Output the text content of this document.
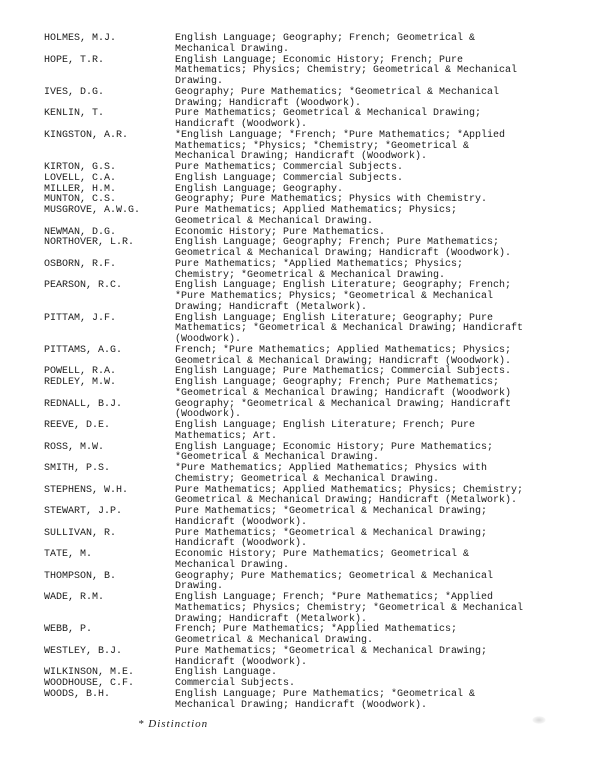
HOLMES, M.J.	English Language; Geography; French; Geometrical &
Mechanical Drawing.
HOPE, T.R.	English Language; Economic History; French; Pure
Mathematics; Physics; Chemistry; Geometrical & Mechanical
Drawing.
IVES, D.G.	Geography; Pure Mathematics; *Geometrical & Mechanical
Drawing; Handicraft (Woodwork).
KENLIN, T.	Pure Mathematics; Geometrical & Mechanical Drawing;
Handicraft (Woodwork).
KINGSTON, A.R.	*English Language; *French; *Pure Mathematics; *Applied
Mathematics; *Physics; *Chemistry; *Geometrical &
Mechanical Drawing; Handicraft (Woodwork).
KIRTON, G.S.	Pure Mathematics; Commercial Subjects.
LOVELL, C.A.	English Language; Commercial Subjects.
MILLER, H.M.	English Language; Geography.
MUNTON, C.S.	Geography; Pure Mathematics; Physics with Chemistry.
MUSGROVE, A.W.G.	Pure Mathematics; Applied Mathematics; Physics;
Geometrical & Mechanical Drawing.
NEWMAN, D.G.	Economic History; Pure Mathematics.
NORTHOVER, L.R.	English Language; Geography; French; Pure Mathematics;
Geometrical & Mechanical Drawing; Handicraft (Woodwork).
OSBORN, R.F.	Pure Mathematics; *Applied Mathematics; Physics;
Chemistry; *Geometrical & Mechanical Drawing.
PEARSON, R.C.	English Language; English Literature; Geography; French;
*Pure Mathematics; Physics; *Geometrical & Mechanical
Drawing; Handicraft (Metalwork).
PITTAM, J.F.	English Language; English Literature; Geography; Pure
Mathematics; *Geometrical & Mechanical Drawing; Handicraft
(Woodwork).
PITTAMS, A.G.	French; *Pure Mathematics; Applied Mathematics; Physics;
Geometrical & Mechanical Drawing; Handicraft (Woodwork).
POWELL, R.A.	English Language; Pure Mathematics; Commercial Subjects.
REDLEY, M.W.	English Language; Geography; French; Pure Mathematics;
*Geometrical & Mechanical Drawing; Handicraft (Woodwork)
REDNALL, B.J.	Geography; *Geometrical & Mechanical Drawing; Handicraft
(Woodwork).
REEVE, D.E.	English Language; English Literature; French; Pure
Mathematics; Art.
ROSS, M.W.	English Language; Economic History; Pure Mathematics;
*Geometrical & Mechanical Drawing.
SMITH, P.S.	*Pure Mathematics; Applied Mathematics; Physics with
Chemistry; Geometrical & Mechanical Drawing.
STEPHENS, W.H.	Pure Mathematics; Applied Mathematics; Physics; Chemistry;
Geometrical & Mechanical Drawing; Handicraft (Metalwork).
STEWART, J.P.	Pure Mathematics; *Geometrical & Mechanical Drawing;
Handicraft (Woodwork).
SULLIVAN, R.	Pure Mathematics; *Geometrical & Mechanical Drawing;
Handicraft (Woodwork).
TATE, M.	Economic History; Pure Mathematics; Geometrical &
Mechanical Drawing.
THOMPSON, B.	Geography; Pure Mathematics; Geometrical & Mechanical
Drawing.
WADE, R.M.	English Language; French; *Pure Mathematics; *Applied
Mathematics; Physics; Chemistry; *Geometrical & Mechanical
Drawing; Handicraft (Metalwork).
WEBB, P.	French; Pure Mathematics; *Applied Mathematics;
Geometrical & Mechanical Drawing.
WESTLEY, B.J.	Pure Mathematics; *Geometrical & Mechanical Drawing;
Handicraft (Woodwork).
WILKINSON, M.E.	English Language.
WOODHOUSE, C.F.	Commercial Subjects.
WOODS, B.H.	English Language; Pure Mathematics; *Geometrical &
Mechanical Drawing; Handicraft (Woodwork).
* Distinction
